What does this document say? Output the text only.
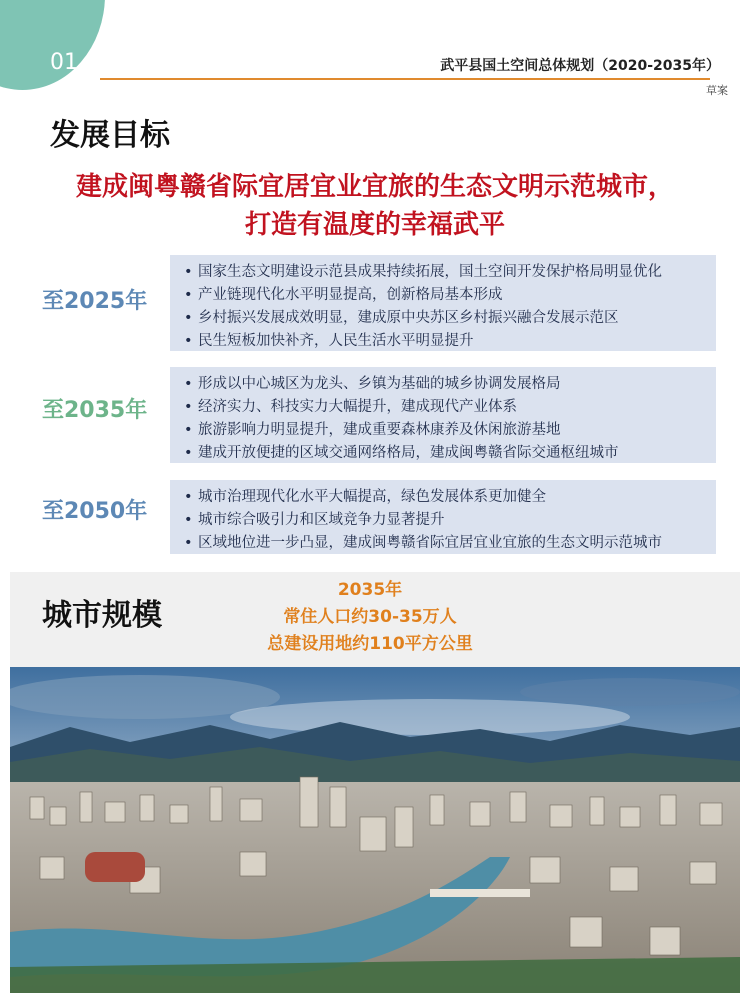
01	武平县国土空间总体规划（2020-2035年）
草案
发展目标
建成闽粤赣省际宜居宜业宜旅的生态文明示范城市，
打造有温度的幸福武平
至2025年
• 国家生态文明建设示范县成果持续拓展，国土空间开发保护格局明显优化
• 产业链现代化水平明显提高，创新格局基本形成
• 乡村振兴发展成效明显，建成原中央苏区乡村振兴融合发展示范区
• 民生短板加快补齐，人民生活水平明显提升
至2035年
• 形成以中心城区为龙头、乡镇为基础的城乡协调发展格局
• 经济实力、科技实力大幅提升，建成现代产业体系
• 旅游影响力明显提升，建成重要森林康养及休闲旅游基地
• 建成开放便捷的区域交通网络格局，建成闽粤赣省际交通枢纽城市
至2050年
• 城市治理现代化水平大幅提高，绿色发展体系更加健全
• 城市综合吸引力和区域竞争力显著提升
• 区域地位进一步凸显，建成闽粤赣省际宜居宜业宜旅的生态文明示范城市
城市规模
2035年
常住人口约30-35万人
总建设用地约110平方公里
